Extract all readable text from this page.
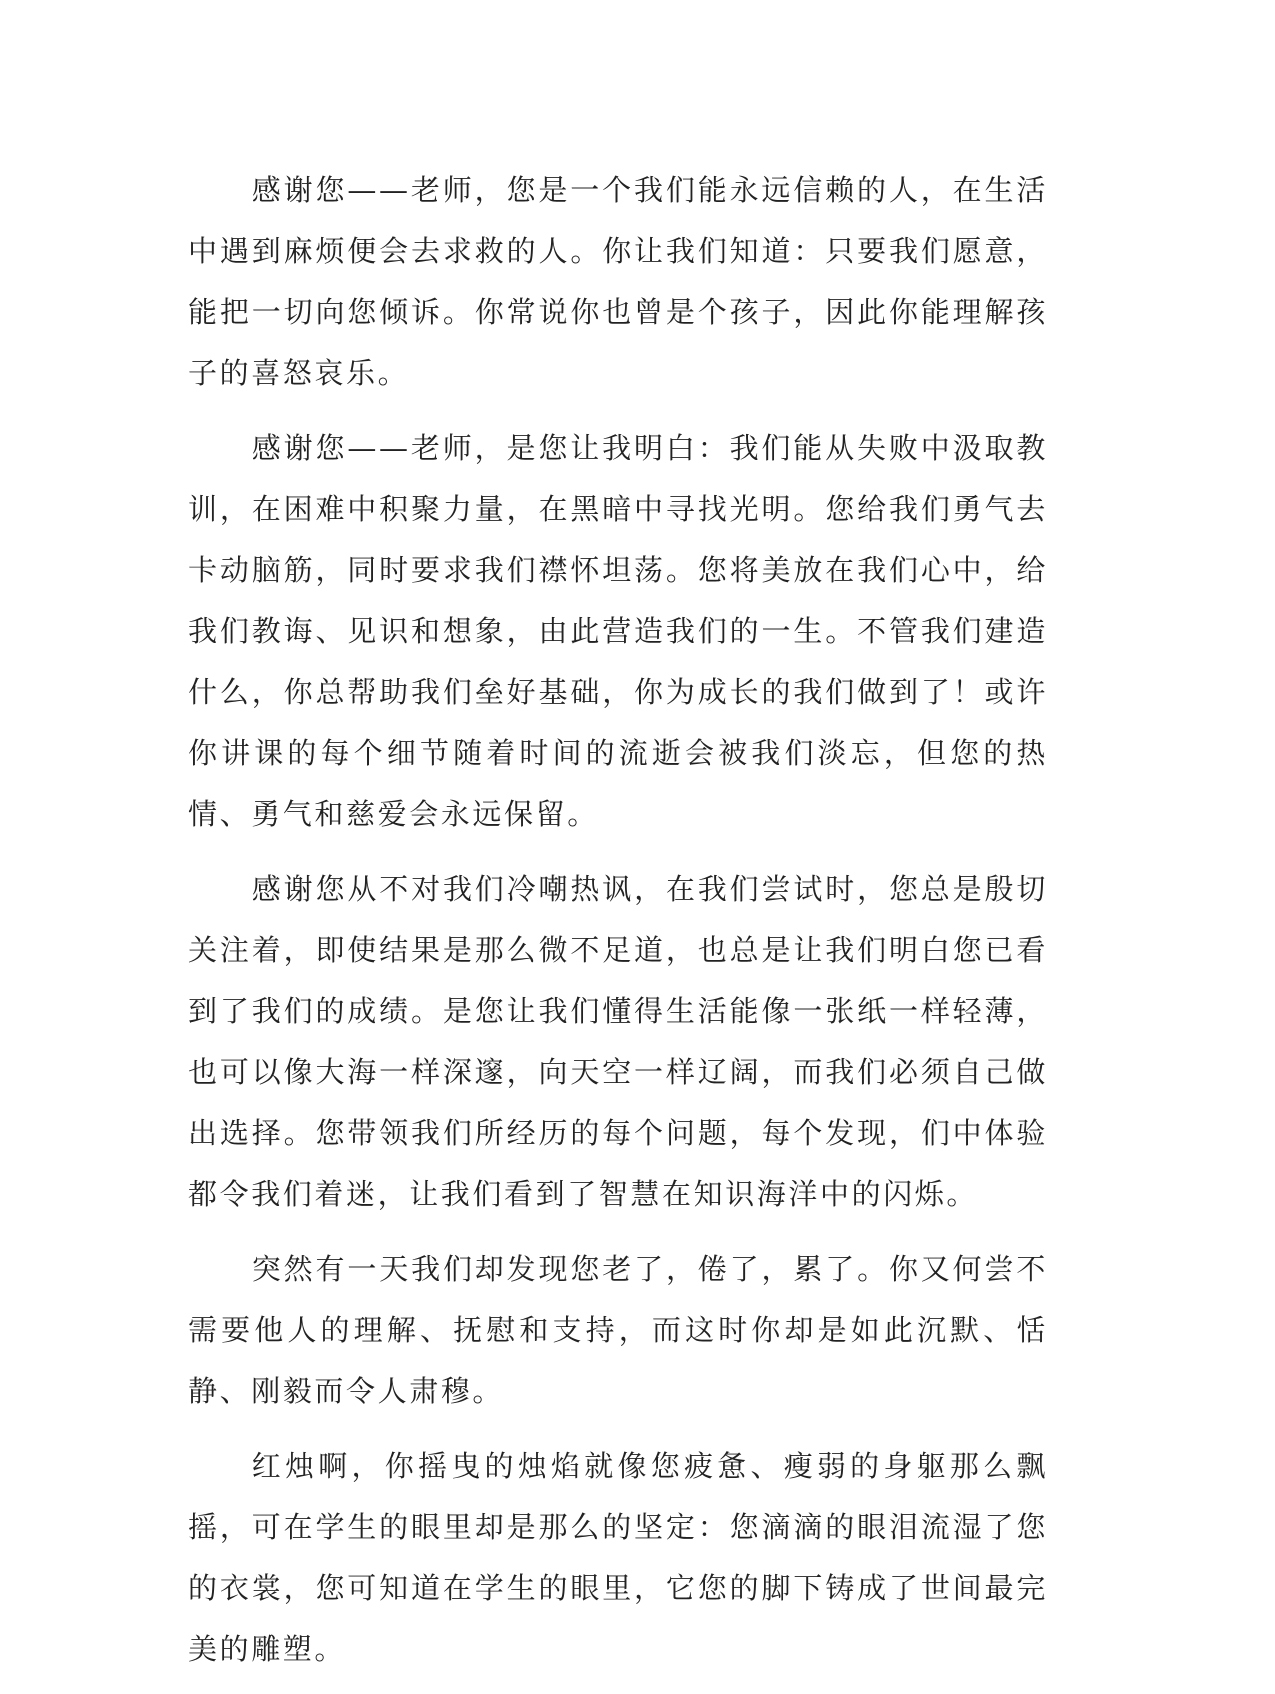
感谢您——老师，您是一个我们能永远信赖的人，在生活中遇到麻烦便会去求救的人。你让我们知道：只要我们愿意，能把一切向您倾诉。你常说你也曾是个孩子，因此你能理解孩子的喜怒哀乐。

感谢您——老师，是您让我明白：我们能从失败中汲取教训，在困难中积聚力量，在黑暗中寻找光明。您给我们勇气去卡动脑筋，同时要求我们襟怀坦荡。您将美放在我们心中，给我们教诲、见识和想象，由此营造我们的一生。不管我们建造什么，你总帮助我们垒好基础，你为成长的我们做到了！或许你讲课的每个细节随着时间的流逝会被我们淡忘，但您的热情、勇气和慈爱会永远保留。

感谢您从不对我们冷嘲热讽，在我们尝试时，您总是殷切关注着，即使结果是那么微不足道，也总是让我们明白您已看到了我们的成绩。是您让我们懂得生活能像一张纸一样轻薄，也可以像大海一样深邃，向天空一样辽阔，而我们必须自己做出选择。您带领我们所经历的每个问题，每个发现，们中体验都令我们着迷，让我们看到了智慧在知识海洋中的闪烁。

突然有一天我们却发现您老了，倦了，累了。你又何尝不需要他人的理解、抚慰和支持，而这时你却是如此沉默、恬静、刚毅而令人肃穆。

红烛啊，你摇曳的烛焰就像您疲惫、瘦弱的身躯那么飘摇，可在学生的眼里却是那么的坚定：您滴滴的眼泪流湿了您的衣裳，您可知道在学生的眼里，它您的脚下铸成了世间最完美的雕塑。
